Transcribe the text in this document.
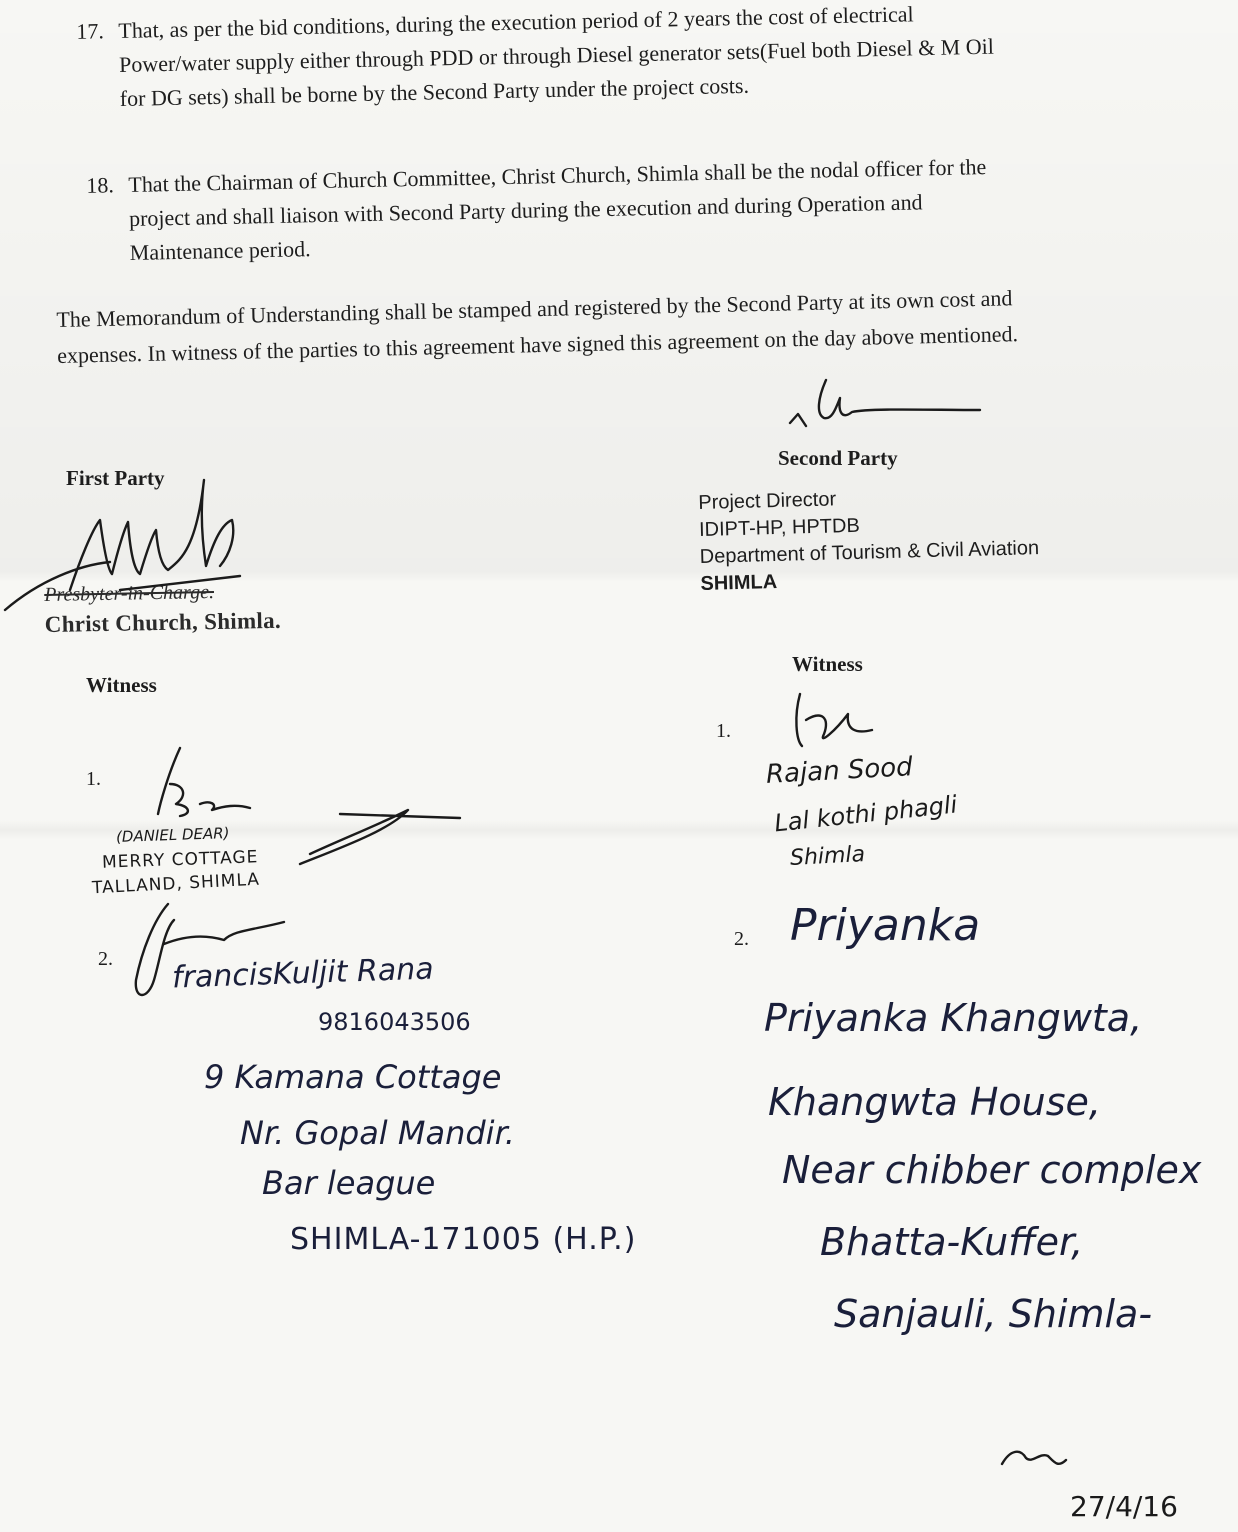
17. That, as per the bid conditions, during the execution period of 2 years the cost of electrical Power/water supply either through PDD or through Diesel generator sets(Fuel both Diesel & M Oil for DG sets) shall be borne by the Second Party under the project costs.
18. That the Chairman of Church Committee, Christ Church, Shimla shall be the nodal officer for the project and shall liaison with Second Party during the execution and during Operation and Maintenance period.
The Memorandum of Understanding shall be stamped and registered by the Second Party at its own cost and expenses. In witness of the parties to this agreement have signed this agreement on the day above mentioned.
First Party
Presbyter-in-Charge.
Christ Church, Shimla.
Second Party
Project Director
IDIPT-HP, HPTDB
Department of Tourism & Civil Aviation
SHIMLA
Witness
Witness
1.
(DANIEL DEAR)
MERRY COTTAGE
TALLAND, SHIMLA
2. francisKuljit Rana
9816043506
9 Kamana Cottage
Nr. Gopal Mandir.
Bar league
SHIMLA-171005 (H.P.)
1.
Rajan Sood
Lal kothi phagli
Shimla
2. Priyanka
Priyanka Khangwta,
Khangwta House,
Near chibber complex
Bhatta-Kuffer,
Sanjauli, Shimla-
27/4/16
